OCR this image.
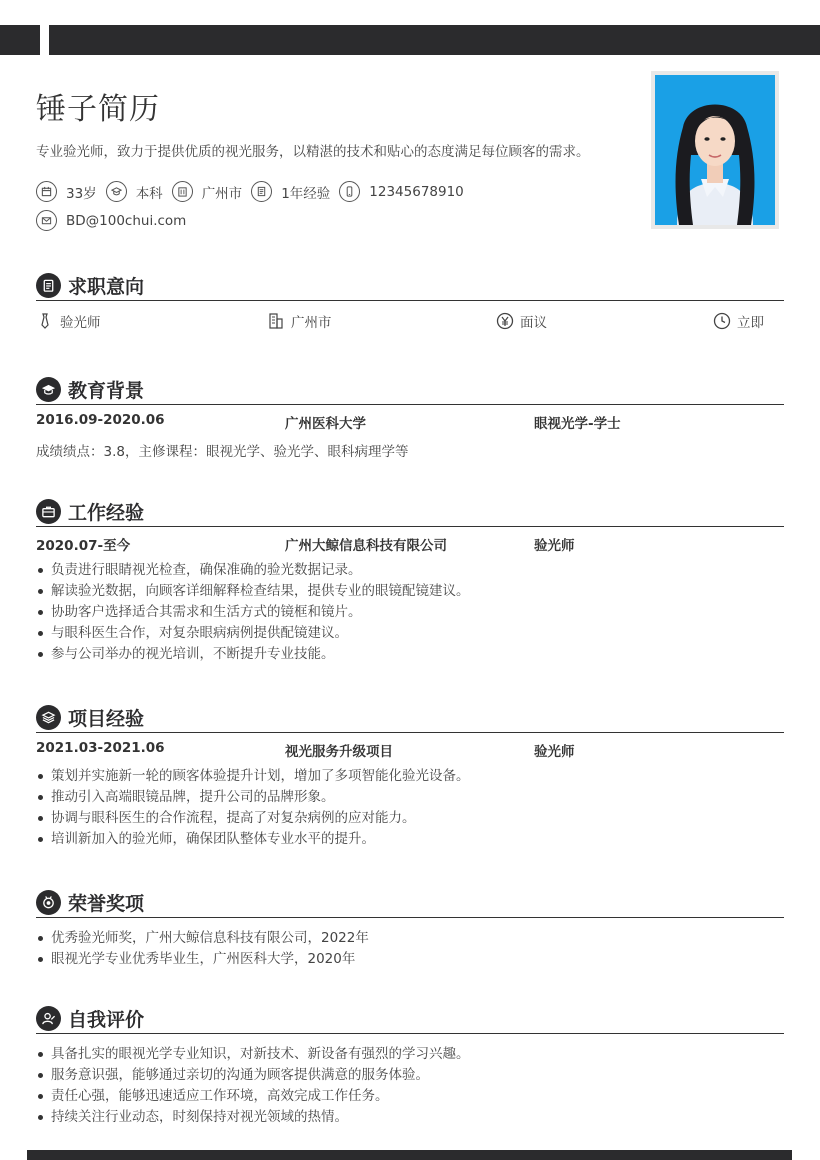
锤子简历
专业验光师，致力于提供优质的视光服务，以精湛的技术和贴心的态度满足每位顾客的需求。
33岁	本科	广州市	1年经验	12345678910
BD@100chui.com
求职意向
验光师	广州市	面议	立即
教育背景
2016.09-2020.06	广州医科大学	眼视光学-学士
成绩绩点：3.8，主修课程：眼视光学、验光学、眼科病理学等
工作经验
2020.07-至今	广州大鲸信息科技有限公司	验光师
负责进行眼睛视光检查，确保准确的验光数据记录。
解读验光数据，向顾客详细解释检查结果，提供专业的眼镜配镜建议。
协助客户选择适合其需求和生活方式的镜框和镜片。
与眼科医生合作，对复杂眼病病例提供配镜建议。
参与公司举办的视光培训，不断提升专业技能。
项目经验
2021.03-2021.06	视光服务升级项目	验光师
策划并实施新一轮的顾客体验提升计划，增加了多项智能化验光设备。
推动引入高端眼镜品牌，提升公司的品牌形象。
协调与眼科医生的合作流程，提高了对复杂病例的应对能力。
培训新加入的验光师，确保团队整体专业水平的提升。
荣誉奖项
优秀验光师奖，广州大鲸信息科技有限公司，2022年
眼视光学专业优秀毕业生，广州医科大学，2020年
自我评价
具备扎实的眼视光学专业知识，对新技术、新设备有强烈的学习兴趣。
服务意识强，能够通过亲切的沟通为顾客提供满意的服务体验。
责任心强，能够迅速适应工作环境，高效完成工作任务。
持续关注行业动态，时刻保持对视光领域的热情。
